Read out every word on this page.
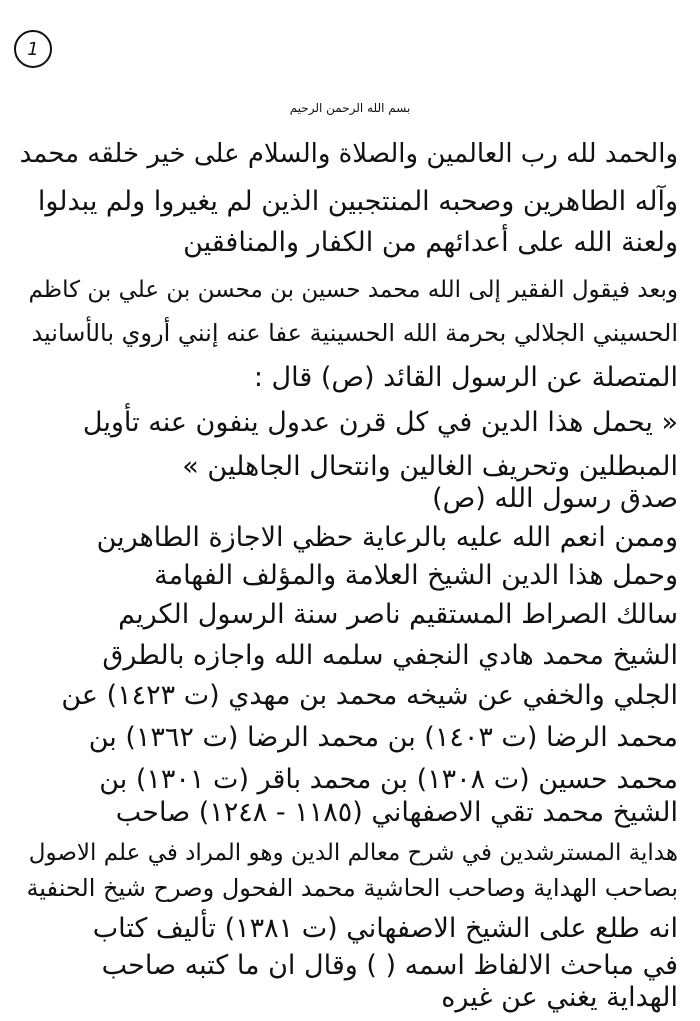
1
بسم الله الرحمن الرحيم
والحمد لله رب العالمين والصلاة والسلام على خير خلقه محمد
وآله الطاهرين وصحبه المنتجبين الذين لم يغيروا ولم يبدلوا
ولعنة الله على أعدائهم من الكفار والمنافقين
وبعد فيقول الفقير إلى الله محمد حسين بن محسن بن علي بن كاظم
الحسيني الجلالي بحرمة الله الحسينية عفا عنه إنني أروي بالأسانيد
المتصلة عن الرسول القائد (ص) قال :
« يحمل هذا الدين في كل قرن عدول ينفون عنه تأويل
المبطلين وتحريف الغالين وانتحال الجاهلين »
صدق رسول الله (ص)
وممن انعم الله عليه بالرعاية حظي الاجازة الطاهرين
وحمل هذا الدين الشيخ العلامة والمؤلف الفهامة
سالك الصراط المستقيم ناصر سنة الرسول الكريم
الشيخ محمد هادي النجفي سلمه الله واجازه بالطرق
الجلي والخفي عن شيخه محمد بن مهدي (ت ١٤٢٣) عن
محمد الرضا (ت ١٤٠٣) بن محمد الرضا (ت ١٣٦٢) بن
محمد حسين (ت ١٣٠٨) بن محمد باقر (ت ١٣٠١) بن
الشيخ محمد تقي الاصفهاني (١١٨٥ - ١٢٤٨) صاحب
هداية المسترشدين في شرح معالم الدين وهو المراد في علم الاصول
بصاحب الهداية وصاحب الحاشية محمد الفحول وصرح شيخ الحنفية
انه طلع على الشيخ الاصفهاني (ت ١٣٨١) تأليف كتاب
في مباحث الالفاظ اسمه ( ) وقال ان ما كتبه صاحب
الهداية يغني عن غيره
